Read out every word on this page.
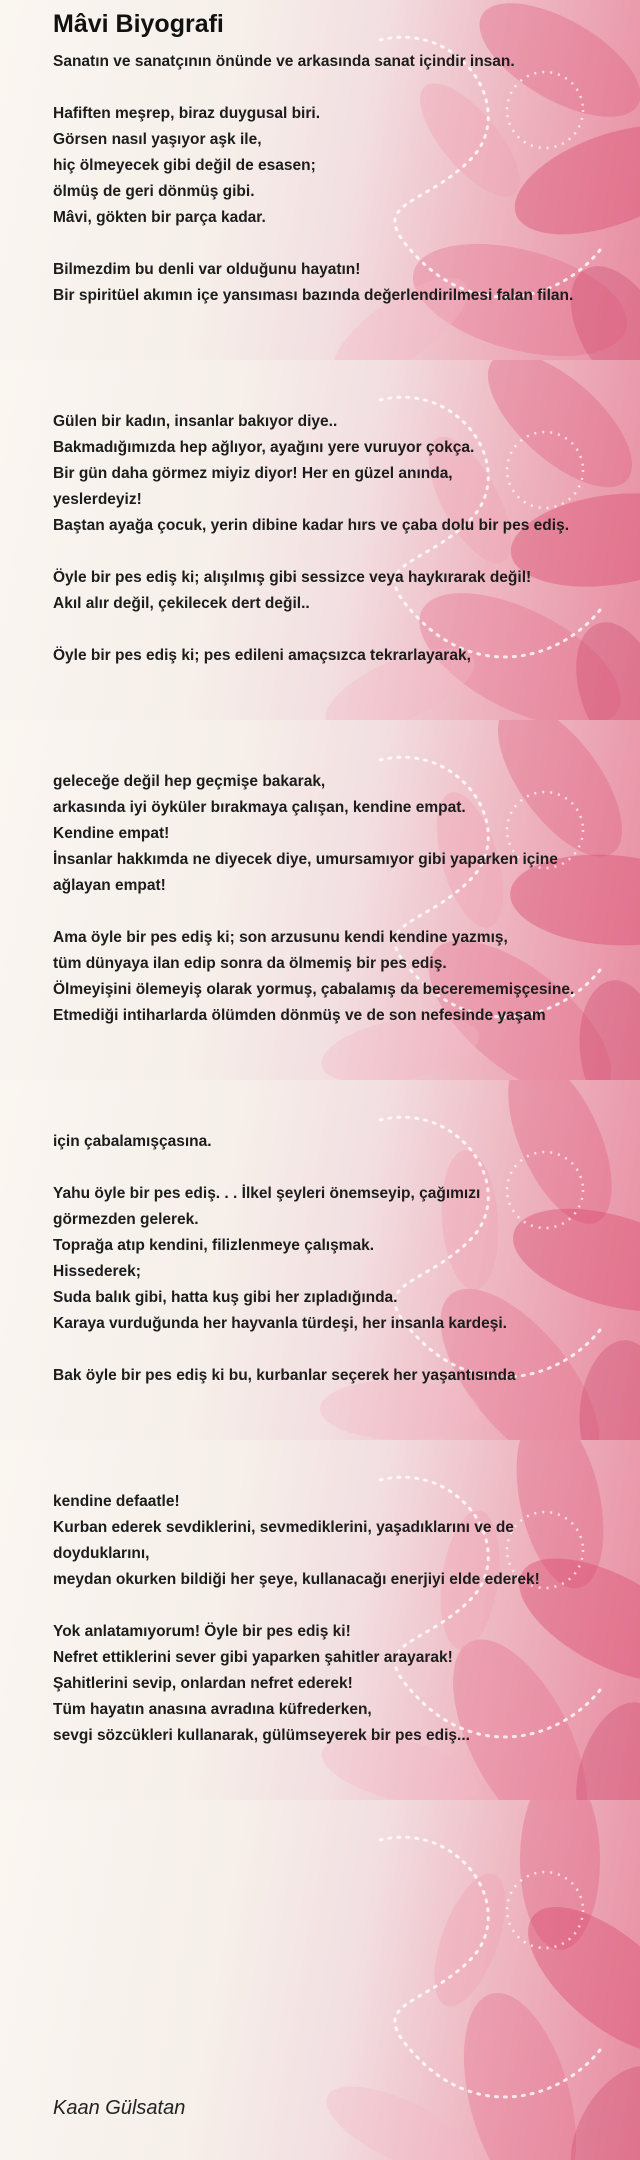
Mâvi Biyografi
Sanatın ve sanatçının önünde ve arkasında sanat içindir insan.
Hafiften meşrep, biraz duygusal biri.
Görsen nasıl yaşıyor aşk ile,
hiç ölmeyecek gibi değil de esasen;
ölmüş de geri dönmüş gibi.
Mâvi, gökten bir parça kadar.
Bilmezdim bu denli var olduğunu hayatın!
Bir spiritüel akımın içe yansıması bazında değerlendirilmesi falan filan.
Gülen bir kadın, insanlar bakıyor diye..
Bakmadığımızda hep ağlıyor, ayağını yere vuruyor çokça.
Bir gün daha görmez miyiz diyor! Her en güzel anında,
yeslerdeyiz!
Baştan ayağa çocuk, yerin dibine kadar hırs ve çaba dolu bir pes ediş.
Öyle bir pes ediş ki; alışılmış gibi sessizce veya haykırarak değil!
Akıl alır değil, çekilecek dert değil..
Öyle bir pes ediş ki; pes edileni amaçsızca tekrarlayarak,
geleceğe değil hep geçmişe bakarak,
arkasında iyi öyküler bırakmaya çalışan, kendine empat.
Kendine empat!
İnsanlar hakkımda ne diyecek diye, umursamıyor gibi yaparken içine
ağlayan empat!
Ama öyle bir pes ediş ki; son arzusunu kendi kendine yazmış,
tüm dünyaya ilan edip sonra da ölmemiş bir pes ediş.
Ölmeyişini ölemeyiş olarak yormuş, çabalamış da becerememişçesine.
Etmediği intiharlarda ölümden dönmüş ve de son nefesinde yaşam
için çabalamışçasına.
Yahu öyle bir pes ediş. . . İlkel şeyleri önemseyip, çağımızı
görmezden gelerek.
Toprağa atıp kendini, filizlenmeye çalışmak.
Hissederek;
Suda balık gibi, hatta kuş gibi her zıpladığında.
Karaya vurduğunda her hayvanla türdeşi, her insanla kardeşi.
Bak öyle bir pes ediş ki bu, kurbanlar seçerek her yaşantısında
kendine defaatle!
Kurban ederek sevdiklerini, sevmediklerini, yaşadıklarını ve de
doyduklarını,
meydan okurken bildiği her şeye, kullanacağı enerjiyi elde ederek!
Yok anlatamıyorum! Öyle bir pes ediş ki!
Nefret ettiklerini sever gibi yaparken şahitler arayarak!
Şahitlerini sevip, onlardan nefret ederek!
Tüm hayatın anasına avradına küfrederken,
sevgi sözcükleri kullanarak, gülümseyerek bir pes ediş...
Kaan Gülsatan
